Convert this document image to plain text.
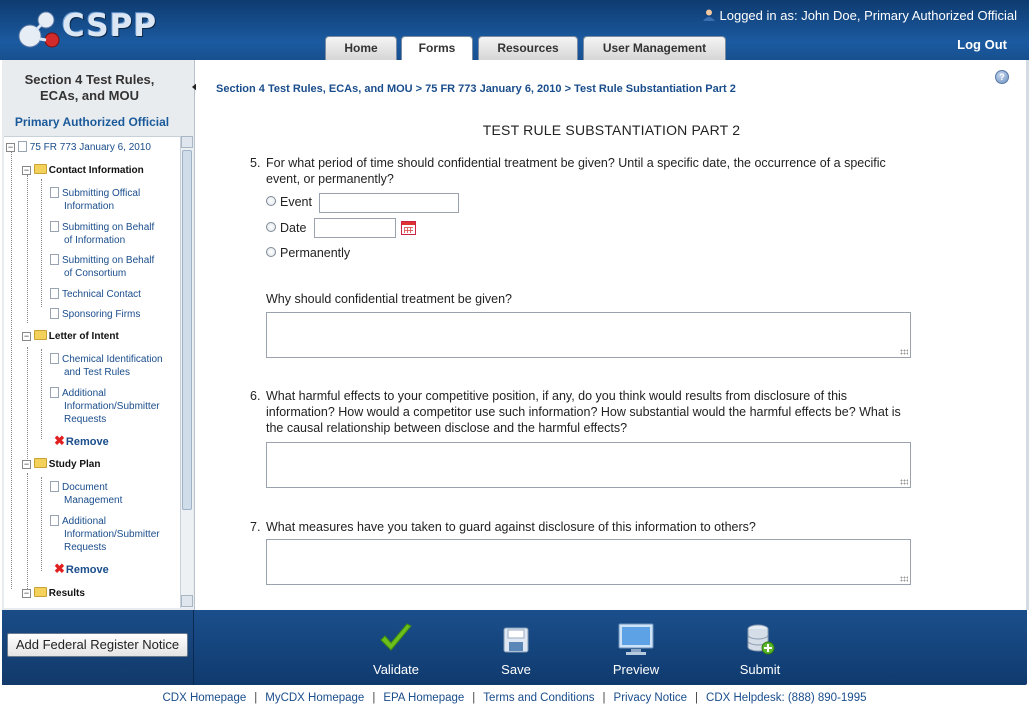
CSPP	Logged in as: John Doe, Primary Authorized Official
Log Out
Home	Forms	Resources	User Management
Section 4 Test Rules,
ECAs, and MOU
Primary Authorized Official
− 75 FR 773 January 6, 2010
− Contact Information
Submitting Offical
Information
Submitting on Behalf
of Information
Submitting on Behalf
of Consortium
Technical Contact
Sponsoring Firms
− Letter of Intent
Chemical Identification
and Test Rules
Additional
Information/Submitter
Requests
✖Remove
− Study Plan
Document
Management
Additional
Information/Submitter
Requests
✖Remove
− Results
?
Section 4 Test Rules, ECAs, and MOU > 75 FR 773 January 6, 2010 > Test Rule Substantiation Part 2
TEST RULE SUBSTANTIATION PART 2
5. For what period of time should confidential treatment be given? Until a specific date, the occurrence of a specific event, or permanently?
Event
Date
Permanently
Why should confidential treatment be given?
6. What harmful effects to your competitive position, if any, do you think would results from disclosure of this information? How would a competitor use such information? How substantial would the harmful effects be? What is the causal relationship between disclose and the harmful effects?
7. What measures have you taken to guard against disclosure of this information to others?
Add Federal Register Notice
Validate	Save	Preview	Submit
CDX Homepage | MyCDX Homepage | EPA Homepage | Terms and Conditions | Privacy Notice | CDX Helpdesk: (888) 890-1995
